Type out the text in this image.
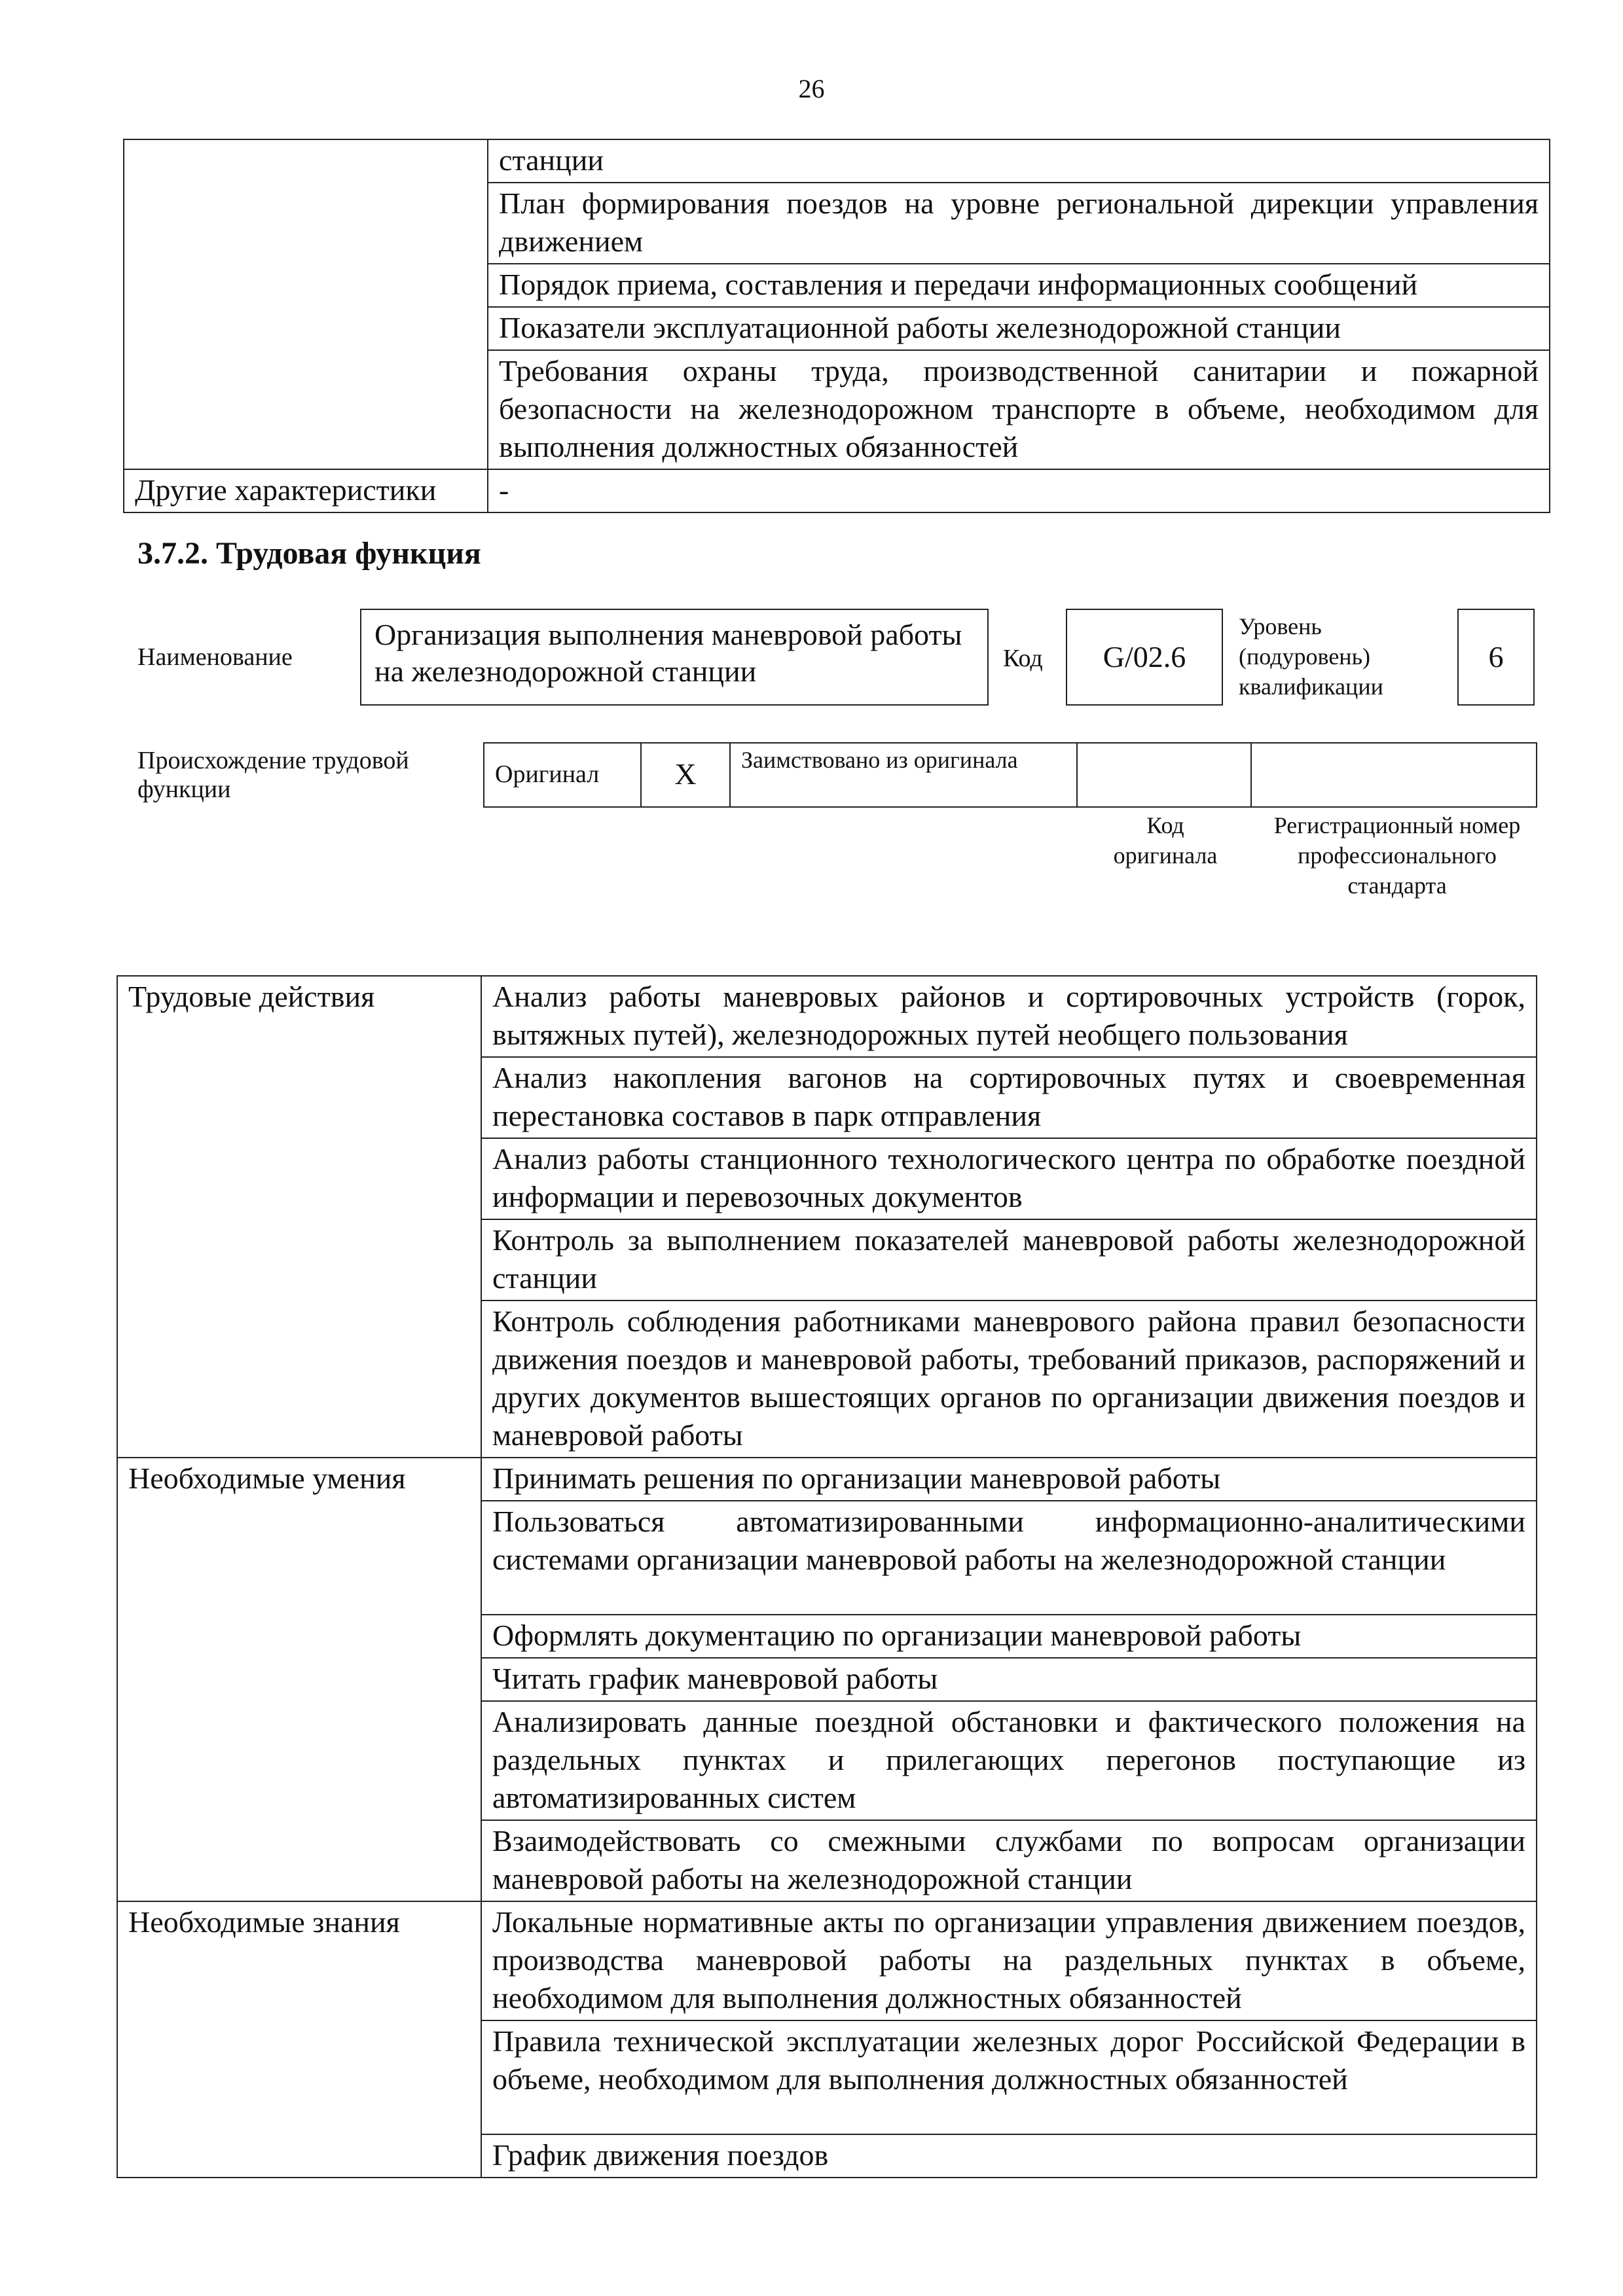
26
	станции
	План формирования поездов на уровне региональной дирекции управления движением
	Порядок приема, составления и передачи информационных сообщений
	Показатели эксплуатационной работы железнодорожной станции
	Требования охраны труда, производственной санитарии и пожарной безопасности на железнодорожном транспорте в объеме, необходимом для выполнения должностных обязанностей
Другие характеристики	-
3.7.2. Трудовая функция
Наименование
Организация выполнения маневровой работы на железнодорожной станции	Код G/02.6
Уровень (подуровень) квалификации
6
Происхождение трудовой функции
Оригинал	X	Заимствовано из оригинала		
Код оригинала
Регистрационный номер профессионального стандарта
Трудовые действия	Анализ работы маневровых районов и сортировочных устройств (горок, вытяжных путей), железнодорожных путей необщего пользования
	Анализ накопления вагонов на сортировочных путях и своевременная перестановка составов в парк отправления
	Анализ работы станционного технологического центра по обработке поездной информации и перевозочных документов
	Контроль за выполнением показателей маневровой работы железнодорожной станции
	Контроль соблюдения работниками маневрового района правил безопасности движения поездов и маневровой работы, требований приказов, распоряжений и других документов вышестоящих органов по организации движения поездов и маневровой работы
Необходимые умения	Принимать решения по организации маневровой работы
	Пользоваться автоматизированными информационно-аналитическими системами организации маневровой работы на железнодорожной станции
	Оформлять документацию по организации маневровой работы
	Читать график маневровой работы
	Анализировать данные поездной обстановки и фактического положения на раздельных пунктах и прилегающих перегонов поступающие из автоматизированных систем
	Взаимодействовать со смежными службами по вопросам организации маневровой работы на железнодорожной станции
Необходимые знания	Локальные нормативные акты по организации управления движением поездов, производства маневровой работы на раздельных пунктах в объеме, необходимом для выполнения должностных обязанностей
	Правила технической эксплуатации железных дорог Российской Федерации в объеме, необходимом для выполнения должностных обязанностей
	График движения поездов
